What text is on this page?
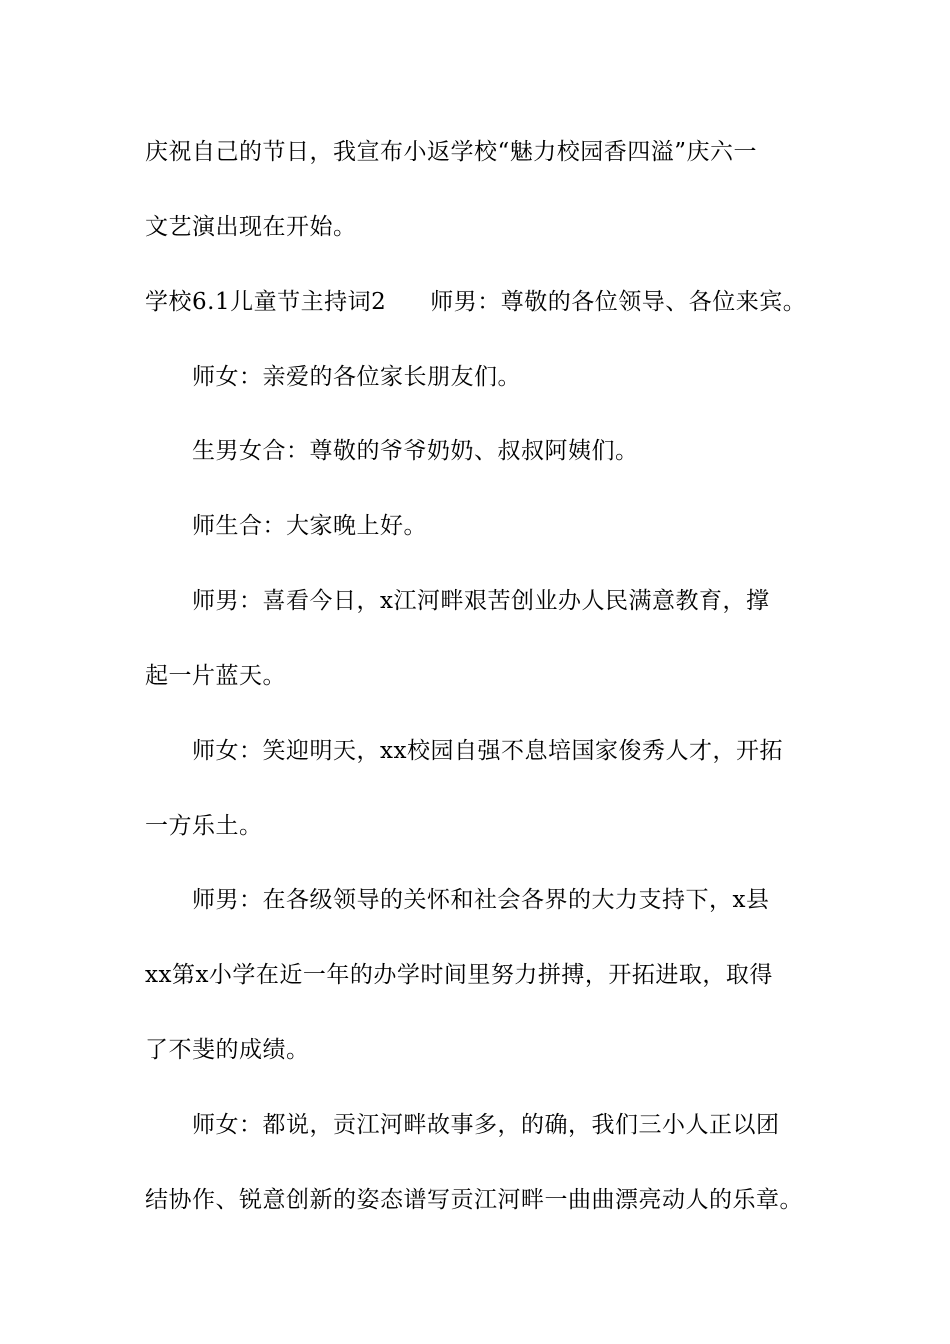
庆祝自己的节日，我宣布小返学校“魅力校园香四溢”庆六一
文艺演出现在开始。
学校6.1儿童节主持词2 师男：尊敬的各位领导、各位来宾。
师女：亲爱的各位家长朋友们。
生男女合：尊敬的爷爷奶奶、叔叔阿姨们。
师生合：大家晚上好。
师男：喜看今日，x江河畔艰苦创业办人民满意教育，撑
起一片蓝天。
师女：笑迎明天，xx校园自强不息培国家俊秀人才，开拓
一方乐土。
师男：在各级领导的关怀和社会各界的大力支持下，x县
xx第x小学在近一年的办学时间里努力拼搏，开拓进取，取得
了不斐的成绩。
师女：都说，贡江河畔故事多，的确，我们三小人正以团
结协作、锐意创新的姿态谱写贡江河畔一曲曲漂亮动人的乐章。
